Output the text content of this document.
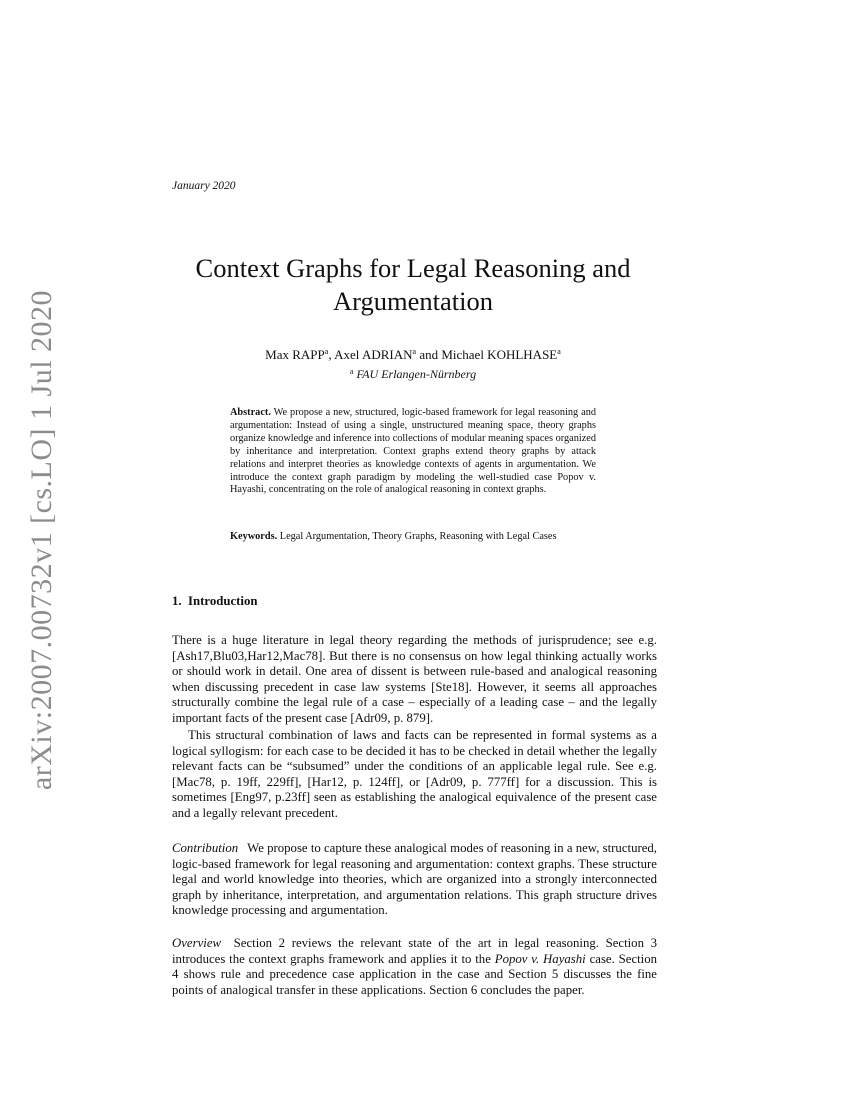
arXiv:2007.00732v1 [cs.LO] 1 Jul 2020
January 2020
Context Graphs for Legal Reasoning and Argumentation
Max RAPP$^a$, Axel ADRIAN$^a$ and Michael KOHLHASE$^a$
$^a$ FAU Erlangen-Nürnberg
Abstract. We propose a new, structured, logic-based framework for legal reasoning and argumentation: Instead of using a single, unstructured meaning space, theory graphs organize knowledge and inference into collections of modular meaning spaces organized by inheritance and interpretation. Context graphs extend theory graphs by attack relations and interpret theories as knowledge contexts of agents in argumentation. We introduce the context graph paradigm by modeling the well-studied case Popov v. Hayashi, concentrating on the role of analogical reasoning in context graphs.
Keywords. Legal Argumentation, Theory Graphs, Reasoning with Legal Cases
1. Introduction
There is a huge literature in legal theory regarding the methods of jurisprudence; see e.g. [Ash17,Blu03,Har12,Mac78]. But there is no consensus on how legal thinking actually works or should work in detail. One area of dissent is between rule-based and analogical reasoning when discussing precedent in case law systems [Ste18]. However, it seems all approaches structurally combine the legal rule of a case – especially of a leading case – and the legally important facts of the present case [Adr09, p. 879].
This structural combination of laws and facts can be represented in formal systems as a logical syllogism: for each case to be decided it has to be checked in detail whether the legally relevant facts can be “subsumed” under the conditions of an applicable legal rule. See e.g. [Mac78, p. 19ff, 229ff], [Har12, p. 124ff], or [Adr09, p. 777ff] for a discussion. This is sometimes [Eng97, p.23ff] seen as establishing the analogical equivalence of the present case and a legally relevant precedent.
Contribution We propose to capture these analogical modes of reasoning in a new, structured, logic-based framework for legal reasoning and argumentation: context graphs. These structure legal and world knowledge into theories, which are organized into a strongly interconnected graph by inheritance, interpretation, and argumentation relations. This graph structure drives knowledge processing and argumentation.
Overview Section 2 reviews the relevant state of the art in legal reasoning. Section 3 introduces the context graphs framework and applies it to the Popov v. Hayashi case. Section 4 shows rule and precedence case application in the case and Section 5 discusses the fine points of analogical transfer in these applications. Section 6 concludes the paper.
